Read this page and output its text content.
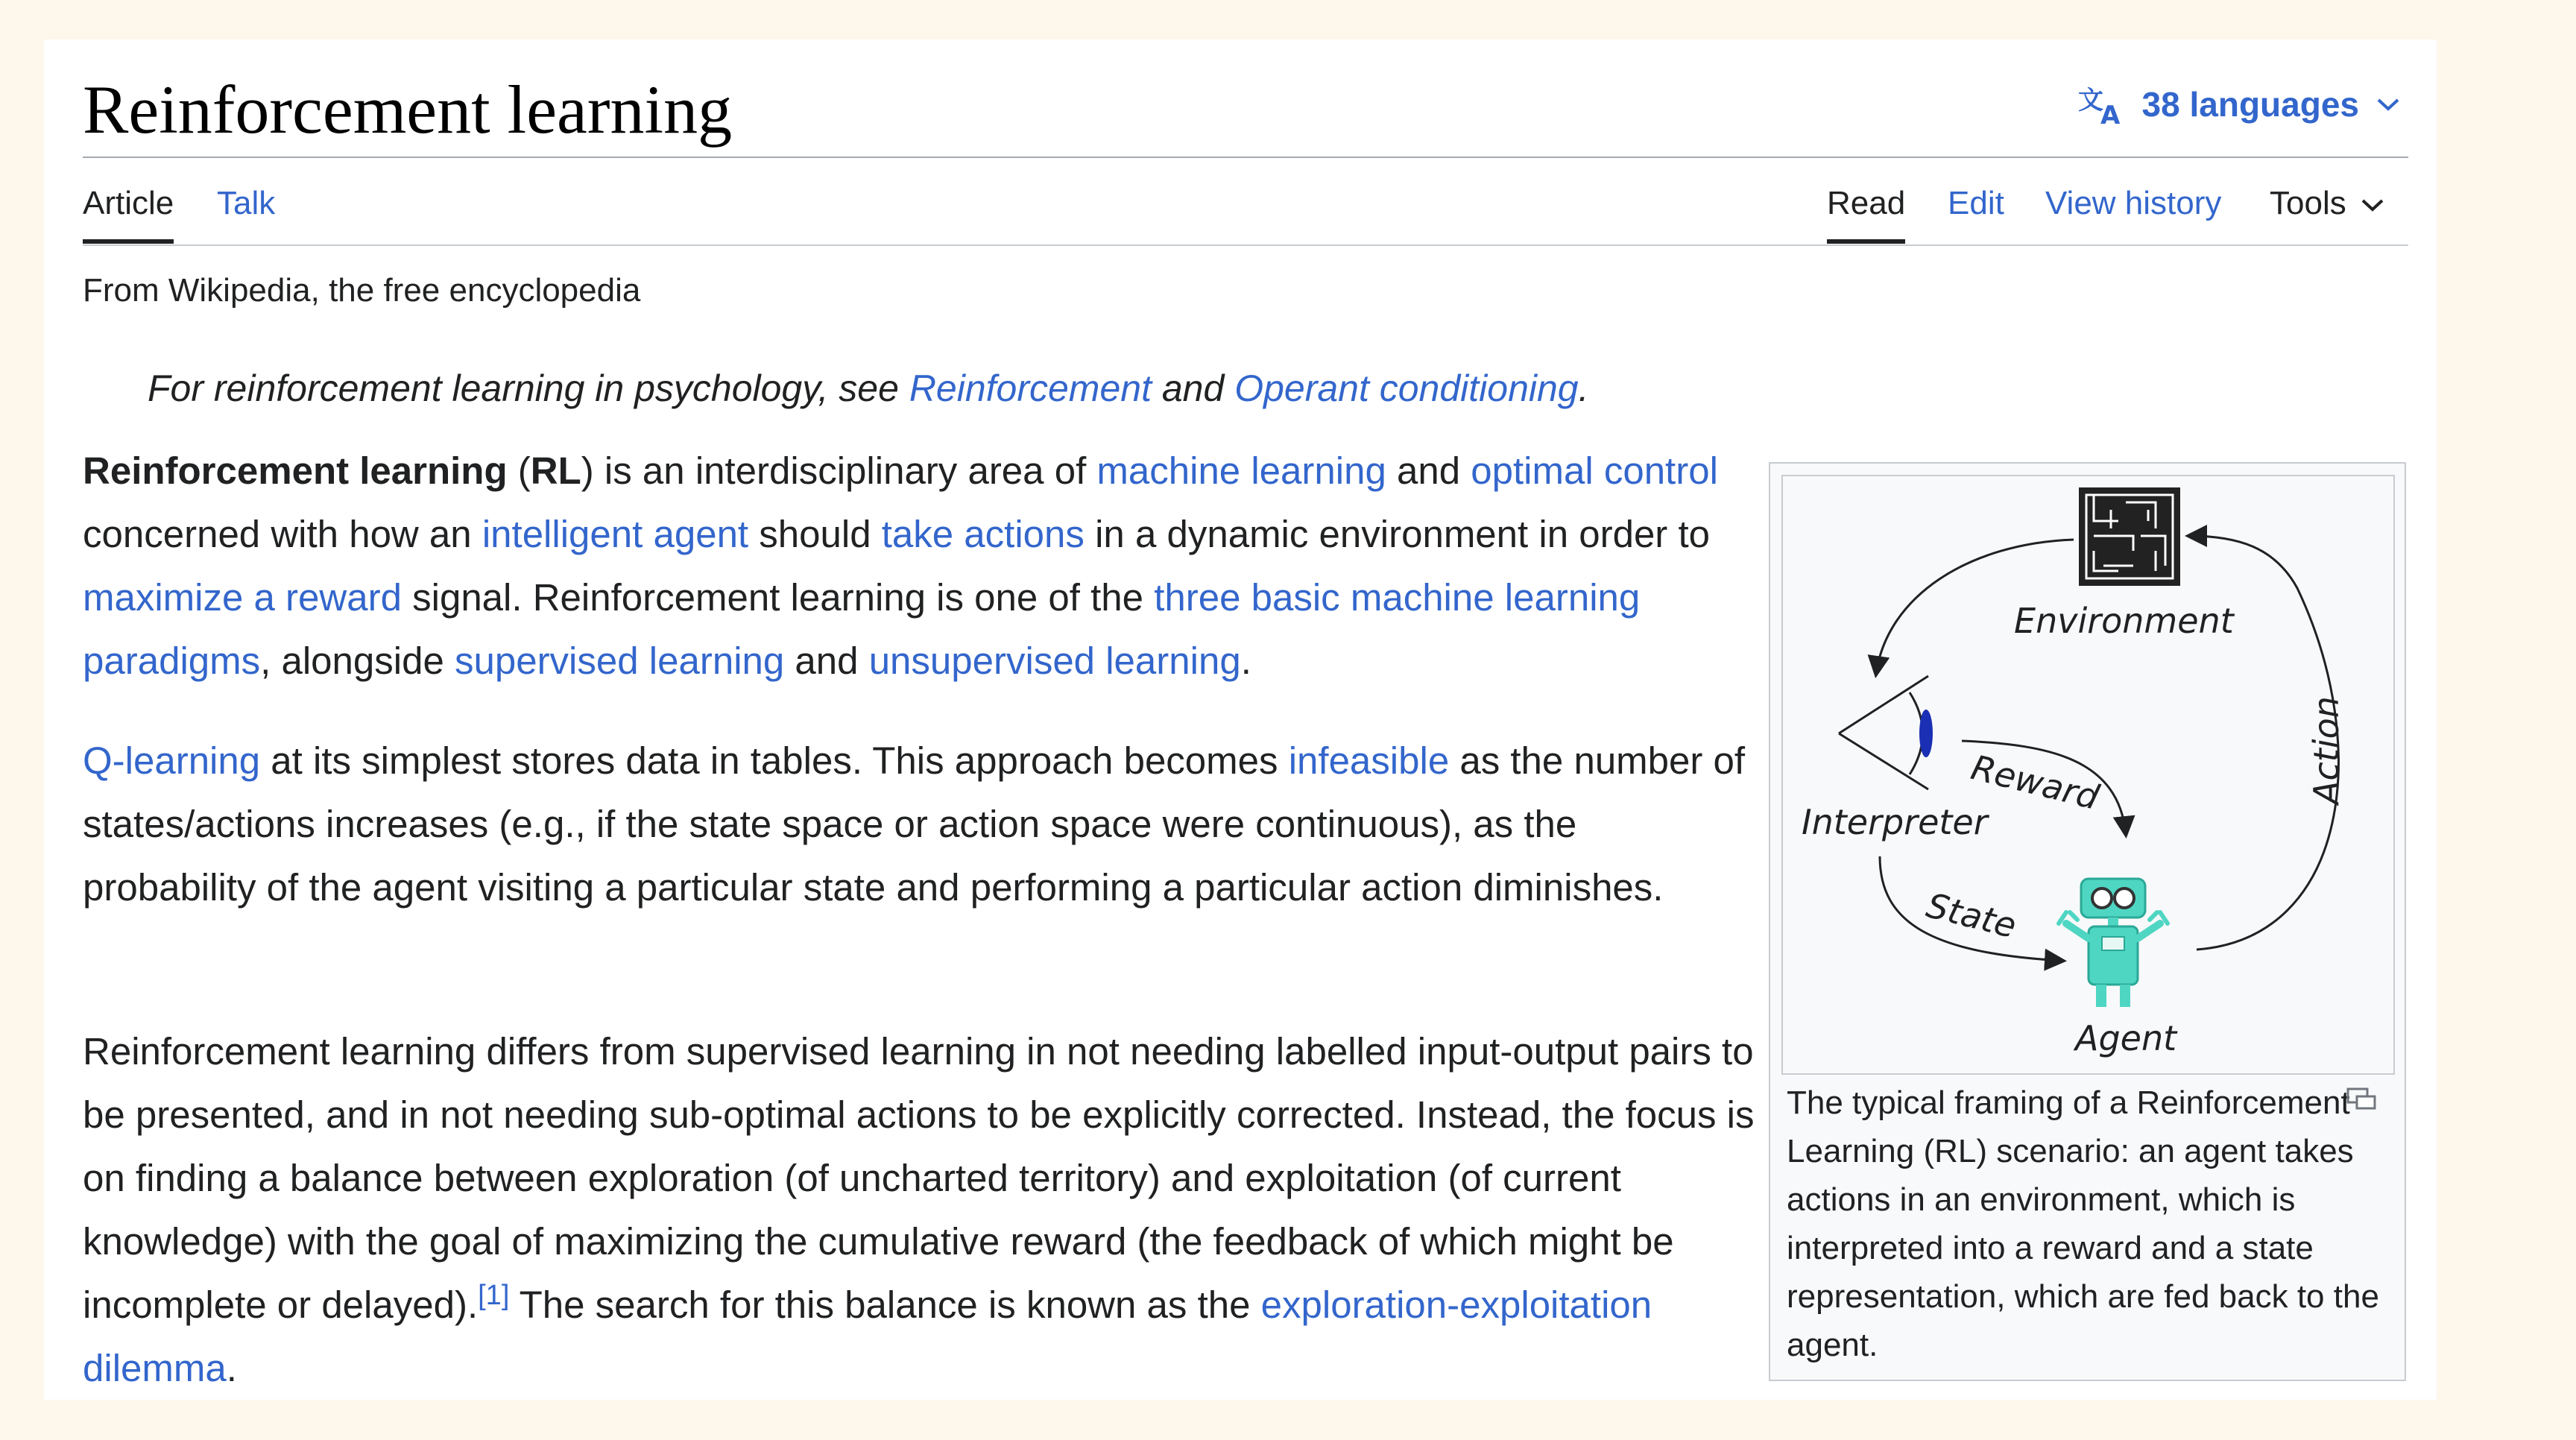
Reinforcement learning	文
A 38 languages
Article Talk	Read Edit View history Tools
From Wikipedia, the free encyclopedia
For reinforcement learning in psychology, see Reinforcement and Operant conditioning.

Reinforcement learning (RL) is an interdisciplinary area of machine learning and optimal control concerned with how an intelligent agent should take actions in a dynamic environment in order to maximize a reward signal. Reinforcement learning is one of the three basic machine learning paradigms, alongside supervised learning and unsupervised learning.

Q-learning at its simplest stores data in tables. This approach becomes infeasible as the number of states/actions increases (e.g., if the state space or action space were continuous), as the probability of the agent visiting a particular state and performing a particular action diminishes.

Reinforcement learning differs from supervised learning in not needing labelled input-output pairs to be presented, and in not needing sub-optimal actions to be explicitly corrected. Instead, the focus is on finding a balance between exploration (of uncharted territory) and exploitation (of current knowledge) with the goal of maximizing the cumulative reward (the feedback of which might be incomplete or delayed).[1] The search for this balance is known as the exploration-exploitation dilemma.

Environment
Action
Interpreter
Reward
State
Agent
The typical framing of a Reinforcement Learning (RL) scenario: an agent takes actions in an environment, which is interpreted into a reward and a state representation, which are fed back to the agent.
